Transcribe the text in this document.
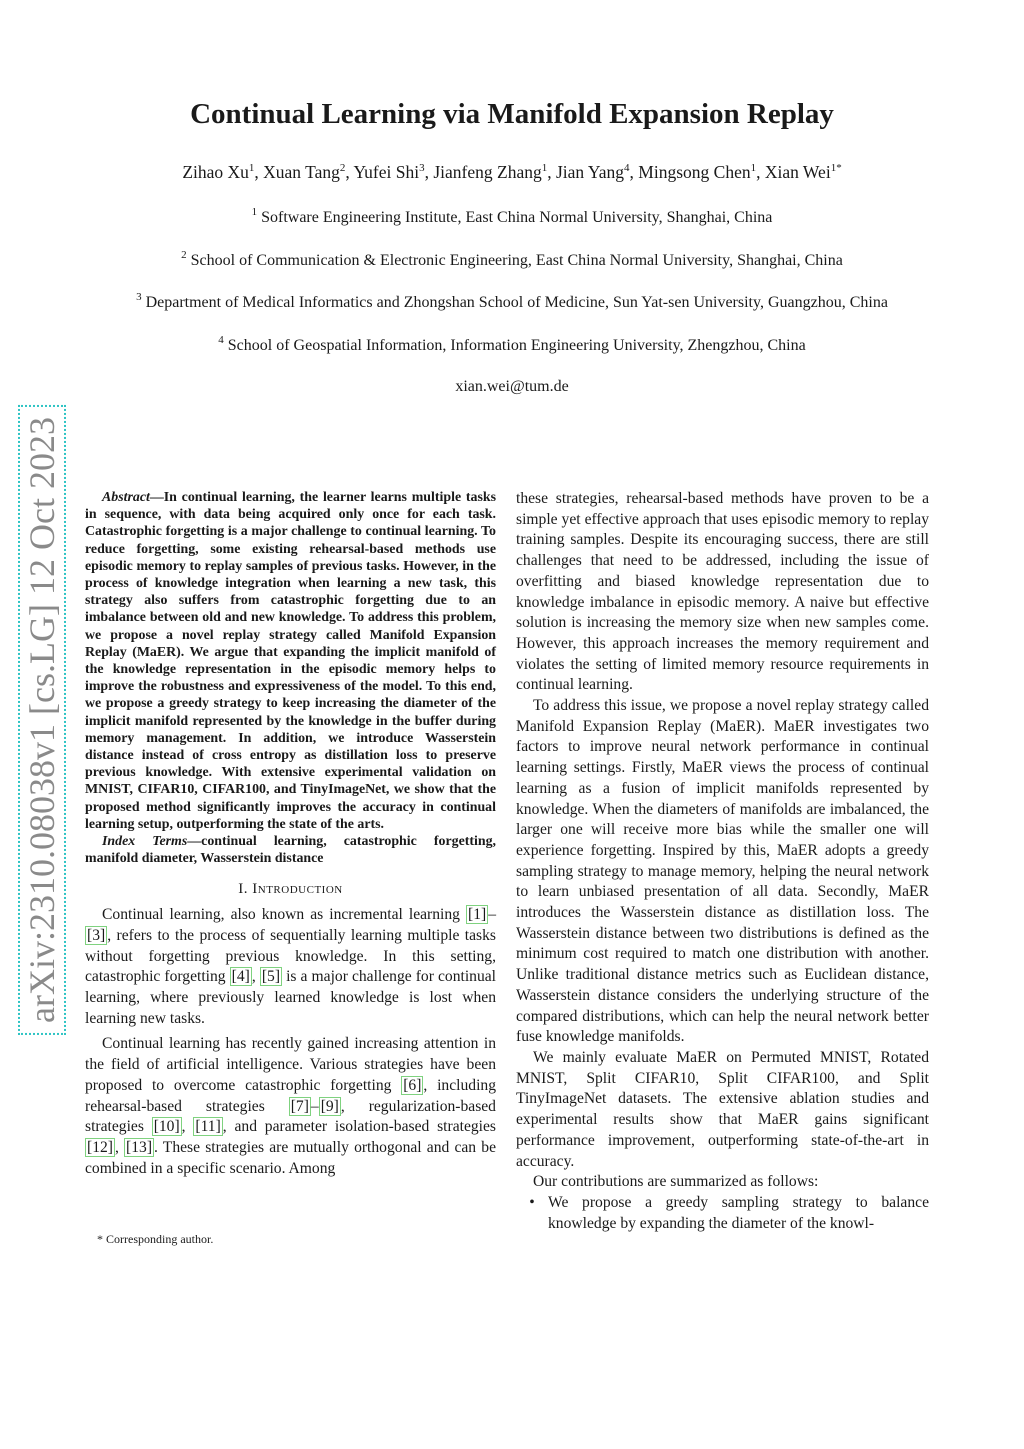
Continual Learning via Manifold Expansion Replay
Zihao Xu$^1$, Xuan Tang$^2$, Yufei Shi$^3$, Jianfeng Zhang$^1$, Jian Yang$^4$, Mingsong Chen$^1$, Xian Wei$^{1*}$
$^1$ Software Engineering Institute, East China Normal University, Shanghai, China
$^2$ School of Communication & Electronic Engineering, East China Normal University, Shanghai, China
$^3$ Department of Medical Informatics and Zhongshan School of Medicine, Sun Yat-sen University, Guangzhou, China
$^4$ School of Geospatial Information, Information Engineering University, Zhengzhou, China
xian.wei@tum.de
arXiv:2310.08038v1 [cs.LG] 12 Oct 2023	Abstract—In continual learning, the learner learns multiple tasks in sequence, with data being acquired only once for each task. Catastrophic forgetting is a major challenge to continual learning. To reduce forgetting, some existing rehearsal-based methods use episodic memory to replay samples of previous tasks. However, in the process of knowledge integration when learning a new task, this strategy also suffers from catastrophic forgetting due to an imbalance between old and new knowledge. To address this problem, we propose a novel replay strategy called Manifold Expansion Replay (MaER). We argue that expanding the implicit manifold of the knowledge representation in the episodic memory helps to improve the robustness and expressiveness of the model. To this end, we propose a greedy strategy to keep increasing the diameter of the implicit manifold represented by the knowledge in the buffer during memory management. In addition, we introduce Wasserstein distance instead of cross entropy as distillation loss to preserve previous knowledge. With extensive experimental validation on MNIST, CIFAR10, CIFAR100, and TinyImageNet, we show that the proposed method significantly improves the accuracy in continual learning setup, outperforming the state of the arts.

Index Terms—continual learning, catastrophic forgetting, manifold diameter, Wasserstein distance

I. Introduction

Continual learning, also known as incremental learning [1] –[3] , refers to the process of sequentially learning multiple tasks without forgetting previous knowledge. In this setting, catastrophic forgetting [4] , [5] is a major challenge for continual learning, where previously learned knowledge is lost when learning new tasks.

Continual learning has recently gained increasing attention in the field of artificial intelligence. Various strategies have been proposed to overcome catastrophic forgetting [6] , including rehearsal-based strategies [7] – [9] , regularization-based strategies [10] , [11] , and parameter isolation-based strategies [12] , [13] . These strategies are mutually orthogonal and can be combined in a specific scenario. Among

* Corresponding author.

these strategies, rehearsal-based methods have proven to be a simple yet effective approach that uses episodic memory to replay training samples. Despite its encouraging success, there are still challenges that need to be addressed, including the issue of overfitting and biased knowledge representation due to knowledge imbalance in episodic memory. A naive but effective solution is increasing the memory size when new samples come. However, this approach increases the memory requirement and violates the setting of limited memory resource requirements in continual learning.

To address this issue, we propose a novel replay strategy called Manifold Expansion Replay (MaER). MaER investigates two factors to improve neural network performance in continual learning settings. Firstly, MaER views the process of continual learning as a fusion of implicit manifolds represented by knowledge. When the diameters of manifolds are imbalanced, the larger one will receive more bias while the smaller one will experience forgetting. Inspired by this, MaER adopts a greedy sampling strategy to manage memory, helping the neural network to learn unbiased presentation of all data. Secondly, MaER introduces the Wasserstein distance as distillation loss. The Wasserstein distance between two distributions is defined as the minimum cost required to match one distribution with another. Unlike traditional distance metrics such as Euclidean distance, Wasserstein distance considers the underlying structure of the compared distributions, which can help the neural network better fuse knowledge manifolds.

We mainly evaluate MaER on Permuted MNIST, Rotated MNIST, Split CIFAR10, Split CIFAR100, and Split TinyImageNet datasets. The extensive ablation studies and experimental results show that MaER gains significant performance improvement, outperforming state-of-the-art in accuracy.

Our contributions are summarized as follows:

• We propose a greedy sampling strategy to balance knowledge by expanding the diameter of the knowl-
